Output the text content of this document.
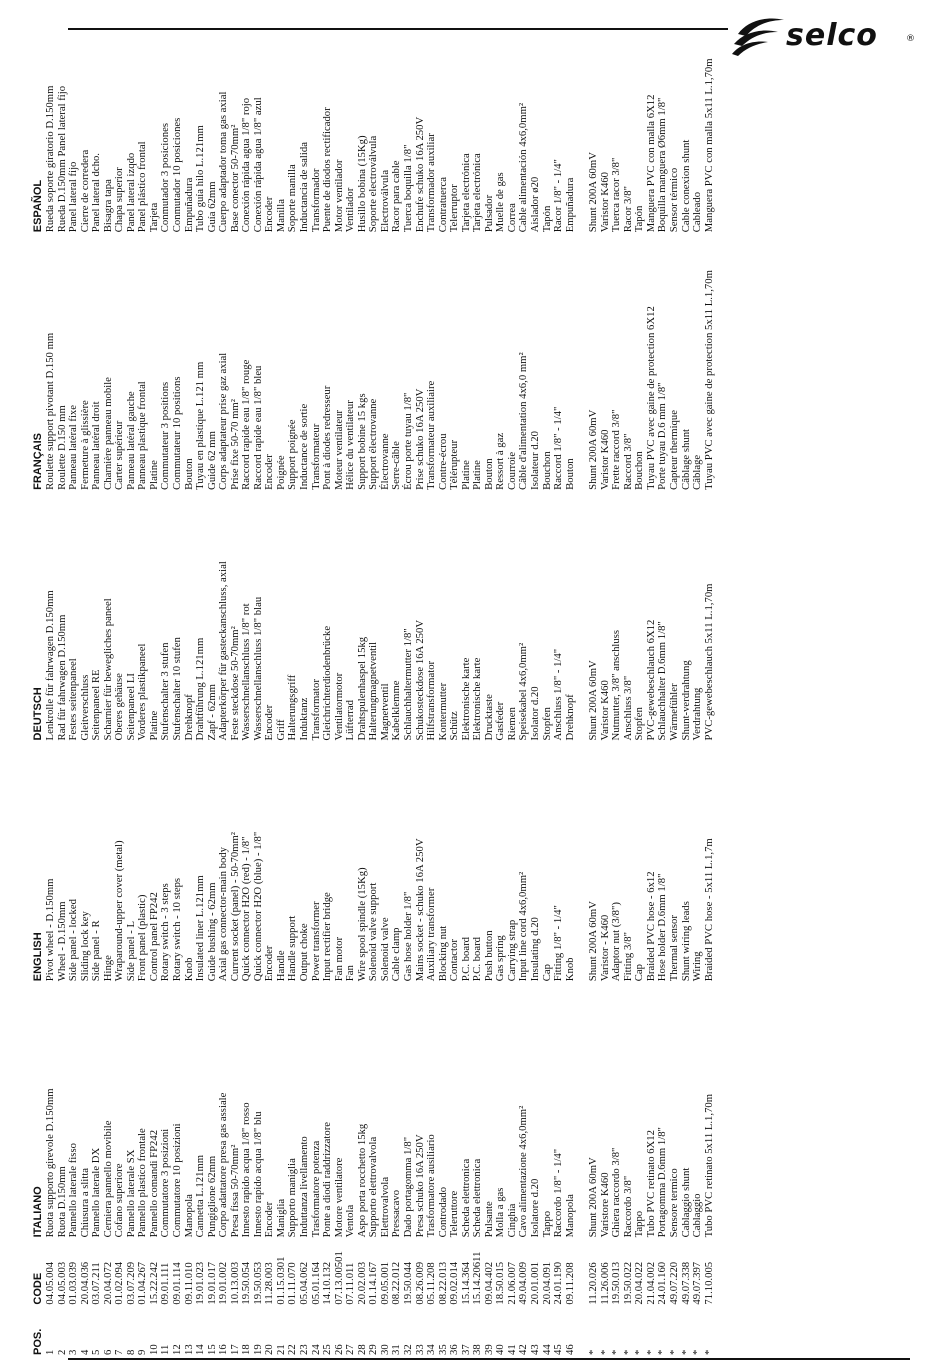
selco	®
POS.	CODE	ITALIANO	ENGLISH	DEUTSCH	FRANÇAIS	ESPAÑOL
1	04.05.004	Ruota supporto girevole D.150mm	Pivot wheel - D.150mm	Lenkrolle für fahrwagen D.150mm	Roulette support pivotant D.150 mm	Rueda soporte giratorio D.150mm
2	04.05.003	Ruota D.150mm	Wheel - D.150mm	Rad für fahrwagen D.150mm	Roulette D.150 mm	Rueda D.150mm Panel lateral fijo
3	01.03.039	Pannello laterale fisso	Side panel - locked	Festes seitenpaneel	Panneau latéral fixe	Panel lateral fijo
4	20.04.036	Chiusura a slitta	Sliding lock key	Gleitverschluss	Fermeture à glissière	Cierre de corredera
5	03.07.211	Pannello laterale DX	Side panel - R	Seitenpaneel RE	Panneau latéral droit	Panel lateral dcho.
6	20.04.072	Cerniera pannello movibile	Hinge	Scharnier für bewegliches paneel	Charnière panneau mobile	Bisagra tapa
7	01.02.094	Cofano superiore	Wraparound-upper cover (metal)	Oberes gehäuse	Carter supérieur	Chapa superior
8	03.07.209	Pannello laterale SX	Side panel - L	Seitenpaneel LI	Panneau latéral gauche	Panel lateral izqdo
9	01.04.267	Pannello plastico frontale	Front panel (plastic)	Vorderes plastikpaneel	Panneau plastique frontal	Panel plástico frontal
10	15.22.242	Pannello comandi FP242	Control panel FP242	Platine	Platine	Tarjeta
11	09.01.111	Commutatore 3 posizioni	Rotary switch - 3 steps	Stufenschalter 3 stufen	Commutateur 3 positions	Conmutador 3 posiciones
12	09.01.114	Commutatore 10 posizioni	Rotary switch - 10 steps	Stufenschalter 10 stufen	Commutateur 10 positions	Conmutador 10 posiciones
13	09.11.010	Manopola	Knob	Drehknopf	Bouton	Empuñadura
14	19.01.023	Cannetta L.121mm	Insulated liner L.121mm	Drahtführung L.121mm	Tuyau en plastique L.121 mm	Tubo guía hilo L.121mm
15	19.01.017	Pungiglione 62mm	Guide bushing - 62mm	Zapf - 62mm	Guide 62 mm	Guía 62mm
16	19.01.002	Corpo adattatore presa gas assiale	Axial gas connector-main body	Adapterkörper für gasteckanschluss, axial	Corps adaptateur prise gaz axial	Cuerpo adaptador toma gas axial
17	10.13.003	Presa fissa 50-70mm²	Current socket (panel) - 50-70mm²	Feste steckdose 50-70mm²	Prise fixe 50-70 mm²	Base conector 50-70mm²
18	19.50.054	Innesto rapido acqua 1/8" rosso	Quick connector H2O (red) - 1/8"	Wasserschnellanschluss 1/8" rot	Raccord rapide eau 1/8" rouge	Conexión rápida agua 1/8" rojo
19	19.50.053	Innesto rapido acqua 1/8" blu	Quick connector H2O (blue) - 1/8"	Wasserschnellanschluss 1/8" blau	Raccord rapide eau 1/8" bleu	Conexión rápida agua 1/8" azul
20	11.28.003	Encoder	Encoder	Encoder	Encoder	Encoder
21	01.15.0301	Maniglia	Handle	Griff	Poignée	Manilla
22	01.11.070	Supporto maniglia	Handle support	Halterungsgriff	Support poignée	Soporte manilla
23	05.04.062	Induttanza livellamento	Output choke	Induktanz	Inductance de sortie	Inductancia de salida
24	05.01.164	Trasformatore potenza	Power transformer	Transformator	Transformateur	Transformador
25	14.10.132	Ponte a diodi raddrizzatore	Input rectifier bridge	Gleichrichterdiodenbrücke	Pont à diodes redresseur	Puente de diodos rectificador
26	07.13.00501	Motore ventilatore	Fan motor	Ventilatormotor	Moteur ventilateur	Motor ventilador
27	07.11.011	Ventola	Fan	Lüfterrad	Hélice du ventilateur	Ventilador
28	20.02.003	Aspo porta rocchetto 15kg	Wire spool spindle (15Kg)	Drahtspulenhaspel 15kg	Support bobine 15 kgs	Husillo bobina (15Kg)
29	01.14.167	Supporto elettrovalvola	Solenoid valve support	Halterungmagnetventil	Support électrovanne	Soporte electroválvula
30	09.05.001	Elettrovalvola	Solenoid valve	Magnetventil	Électrovanne	Electroválvula
31	08.22.012	Pressacavo	Cable clamp	Kabelklemme	Serre-câble	Racor para cable
32	19.50.044	Dado portagomma 1/8"	Gas hose holder 1/8"	Schlauchhaltermutter 1/8"	Écrou porte tuyau 1/8"	Tuerca boquilla 1/8"
33	08.26.009	Presa schuko 16A 250V	Mains socket - schuko 16A 250V	Schukosteckdose 16A 250V	Prise schuko 16A 250V	Enchufe schuko 16A 250V
34	05.11.208	Trasformatore ausiliario	Auxiliary transformer	Hilfstransformator	Transformateur auxiliaire	Transformador auxiliar
35	08.22.013	Controdado	Blocking nut	Kontermutter	Contre-écrou	Contratuerca
36	09.02.014	Teleruttore	Contactor	Schütz	Télérupteur	Telerruptor
37	15.14.364	Scheda elettronica	P.C. board	Elektronische karte	Platine	Tarjeta electrónica
38	15.14.20611	Scheda elettronica	P.C. board	Elektronische karte	Platine	Tarjeta electrónica
39	09.04.402	Pulsante	Push button	Drucktaste	Bouton	Pulsador
40	18.50.015	Molla a gas	Gas spring	Gasfeder	Ressort à gaz	Muelle de gas
41	21.06.007	Cinghia	Carrying strap	Riemen	Courroie	Correa
42	49.04.009	Cavo alimentazione 4x6,0mm²	Input line cord 4x6,0mm²	Speisekabel 4x6,0mm²	Câble d'alimentation 4x6,0 mm²	Cable alimentación 4x6,0mm²
43	20.01.001	Isolatore d.20	Insulating d.20	Isolator d.20	Isolateur d.20	Aislador ø20
44	20.04.091	Tappo	Cap	Stopfen	Bouchon	Tapón
45	24.01.190	Raccordo 1/8" - 1/4"	Fitting 1/8" - 1/4"	Anschluss 1/8" - 1/4"	Raccord 1/8" - 1/4"	Racor 1/8" - 1/4"
46	09.11.208	Manopola	Knob	Drehknopf	Bouton	Empuñadura

*	11.20.026	Shunt 200A 60mV	Shunt 200A 60mV	Shunt 200A 60mV	Shunt 200A 60mV	Shunt 200A 60mV
*	11.26.006	Varistore K460	Varistor - K460	Varistor K460	Varistor K460	Varistor K460
*	19.50.013	Ghiera raccordo 3/8"	Adaptor nut (3/8")	Nutmutter, 3/8" anschluss	Frette raccord 3/8"	Tuerca racor 3/8"
*	19.50.022	Raccordo 3/8"	Fitting 3/8"	Anschluss 3/8"	Raccord 3/8"	Racor 3/8"
*	20.04.022	Tappo	Cap	Stopfen	Bouchon	Tapón
*	21.04.002	Tubo PVC retinato 6X12	Braided PVC hose - 6x12	PVC-gewebeschlauch 6X12	Tuyau PVC avec gaine de protection 6X12	Manguera PVC con malla 6X12
*	24.01.160	Portagomma D.6mm 1/8"	Hose holder D.6mm 1/8"	Schlauchhalter D.6mm 1/8"	Porte tuyau D.6 mm 1/8"	Boquilla manguera Ø6mm 1/8"
*	49.07.220	Sensore termico	Thermal sensor	Wärmefühler	Capteur thermique	Sensor térmico
*	49.07.338	Cablaggio shunt	Shunt wiring leads	Shunt-verdrahtung	Câblage shunt	Cable conexion shunt
*	49.07.397	Cablaggio	Wiring	Verdrahtung	Câblage	Cableado
*	71.10.005	Tubo PVC retinato 5x11 L.1,70m	Braided PVC hose - 5x11 L.1,7m	PVC-gewebeschlauch 5x11 L.1,70m	Tuyau PVC avec gaine de protection 5x11 L.1,70m	Manguera PVC con malla 5x11 L.1,70m
